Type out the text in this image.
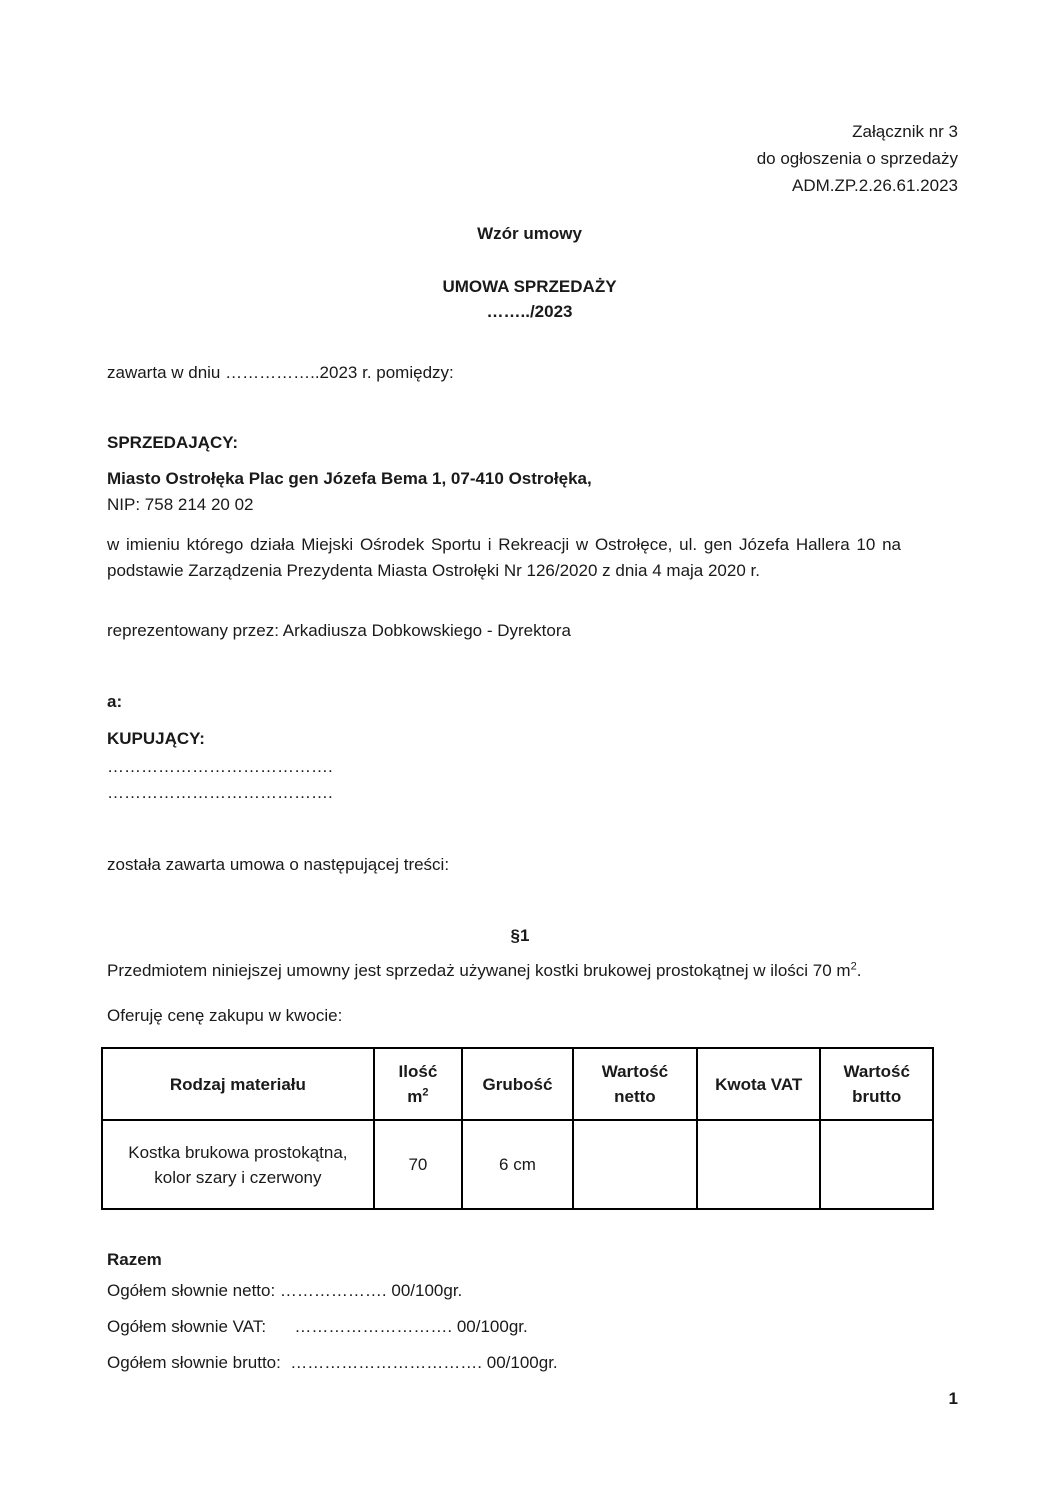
Załącznik nr 3
do ogłoszenia o sprzedaży
ADM.ZP.2.26.61.2023
Wzór umowy
UMOWA SPRZEDAŻY
……../2023
zawarta w dniu ……………..2023 r. pomiędzy:
SPRZEDAJĄCY:
Miasto Ostrołęka Plac gen Józefa Bema 1, 07-410 Ostrołęka,
NIP: 758 214 20 02
w imieniu którego działa Miejski Ośrodek Sportu i Rekreacji w Ostrołęce, ul. gen Józefa Hallera 10 na podstawie Zarządzenia Prezydenta Miasta Ostrołęki Nr 126/2020 z dnia 4 maja 2020 r.
reprezentowany przez: Arkadiusza Dobkowskiego - Dyrektora
a:
KUPUJĄCY:
………………………………….
………………………………….
została zawarta umowa o następującej treści:
§1
Przedmiotem niniejszej umowny jest sprzedaż używanej kostki brukowej prostokątnej w ilości 70 $m^2$.
Oferuję cenę zakupu w kwocie:
Rodzaj materiału	Ilość $m^2$	Grubość	Wartość netto	Kwota VAT	Wartość brutto
Kostka brukowa prostokątna, kolor szary i czerwony	70	6 cm			
Razem
Ogółem słownie netto: ………………. 00/100gr.
Ogółem słownie VAT:      ………………………. 00/100gr.
Ogółem słownie brutto:  ……………………………. 00/100gr.
1
